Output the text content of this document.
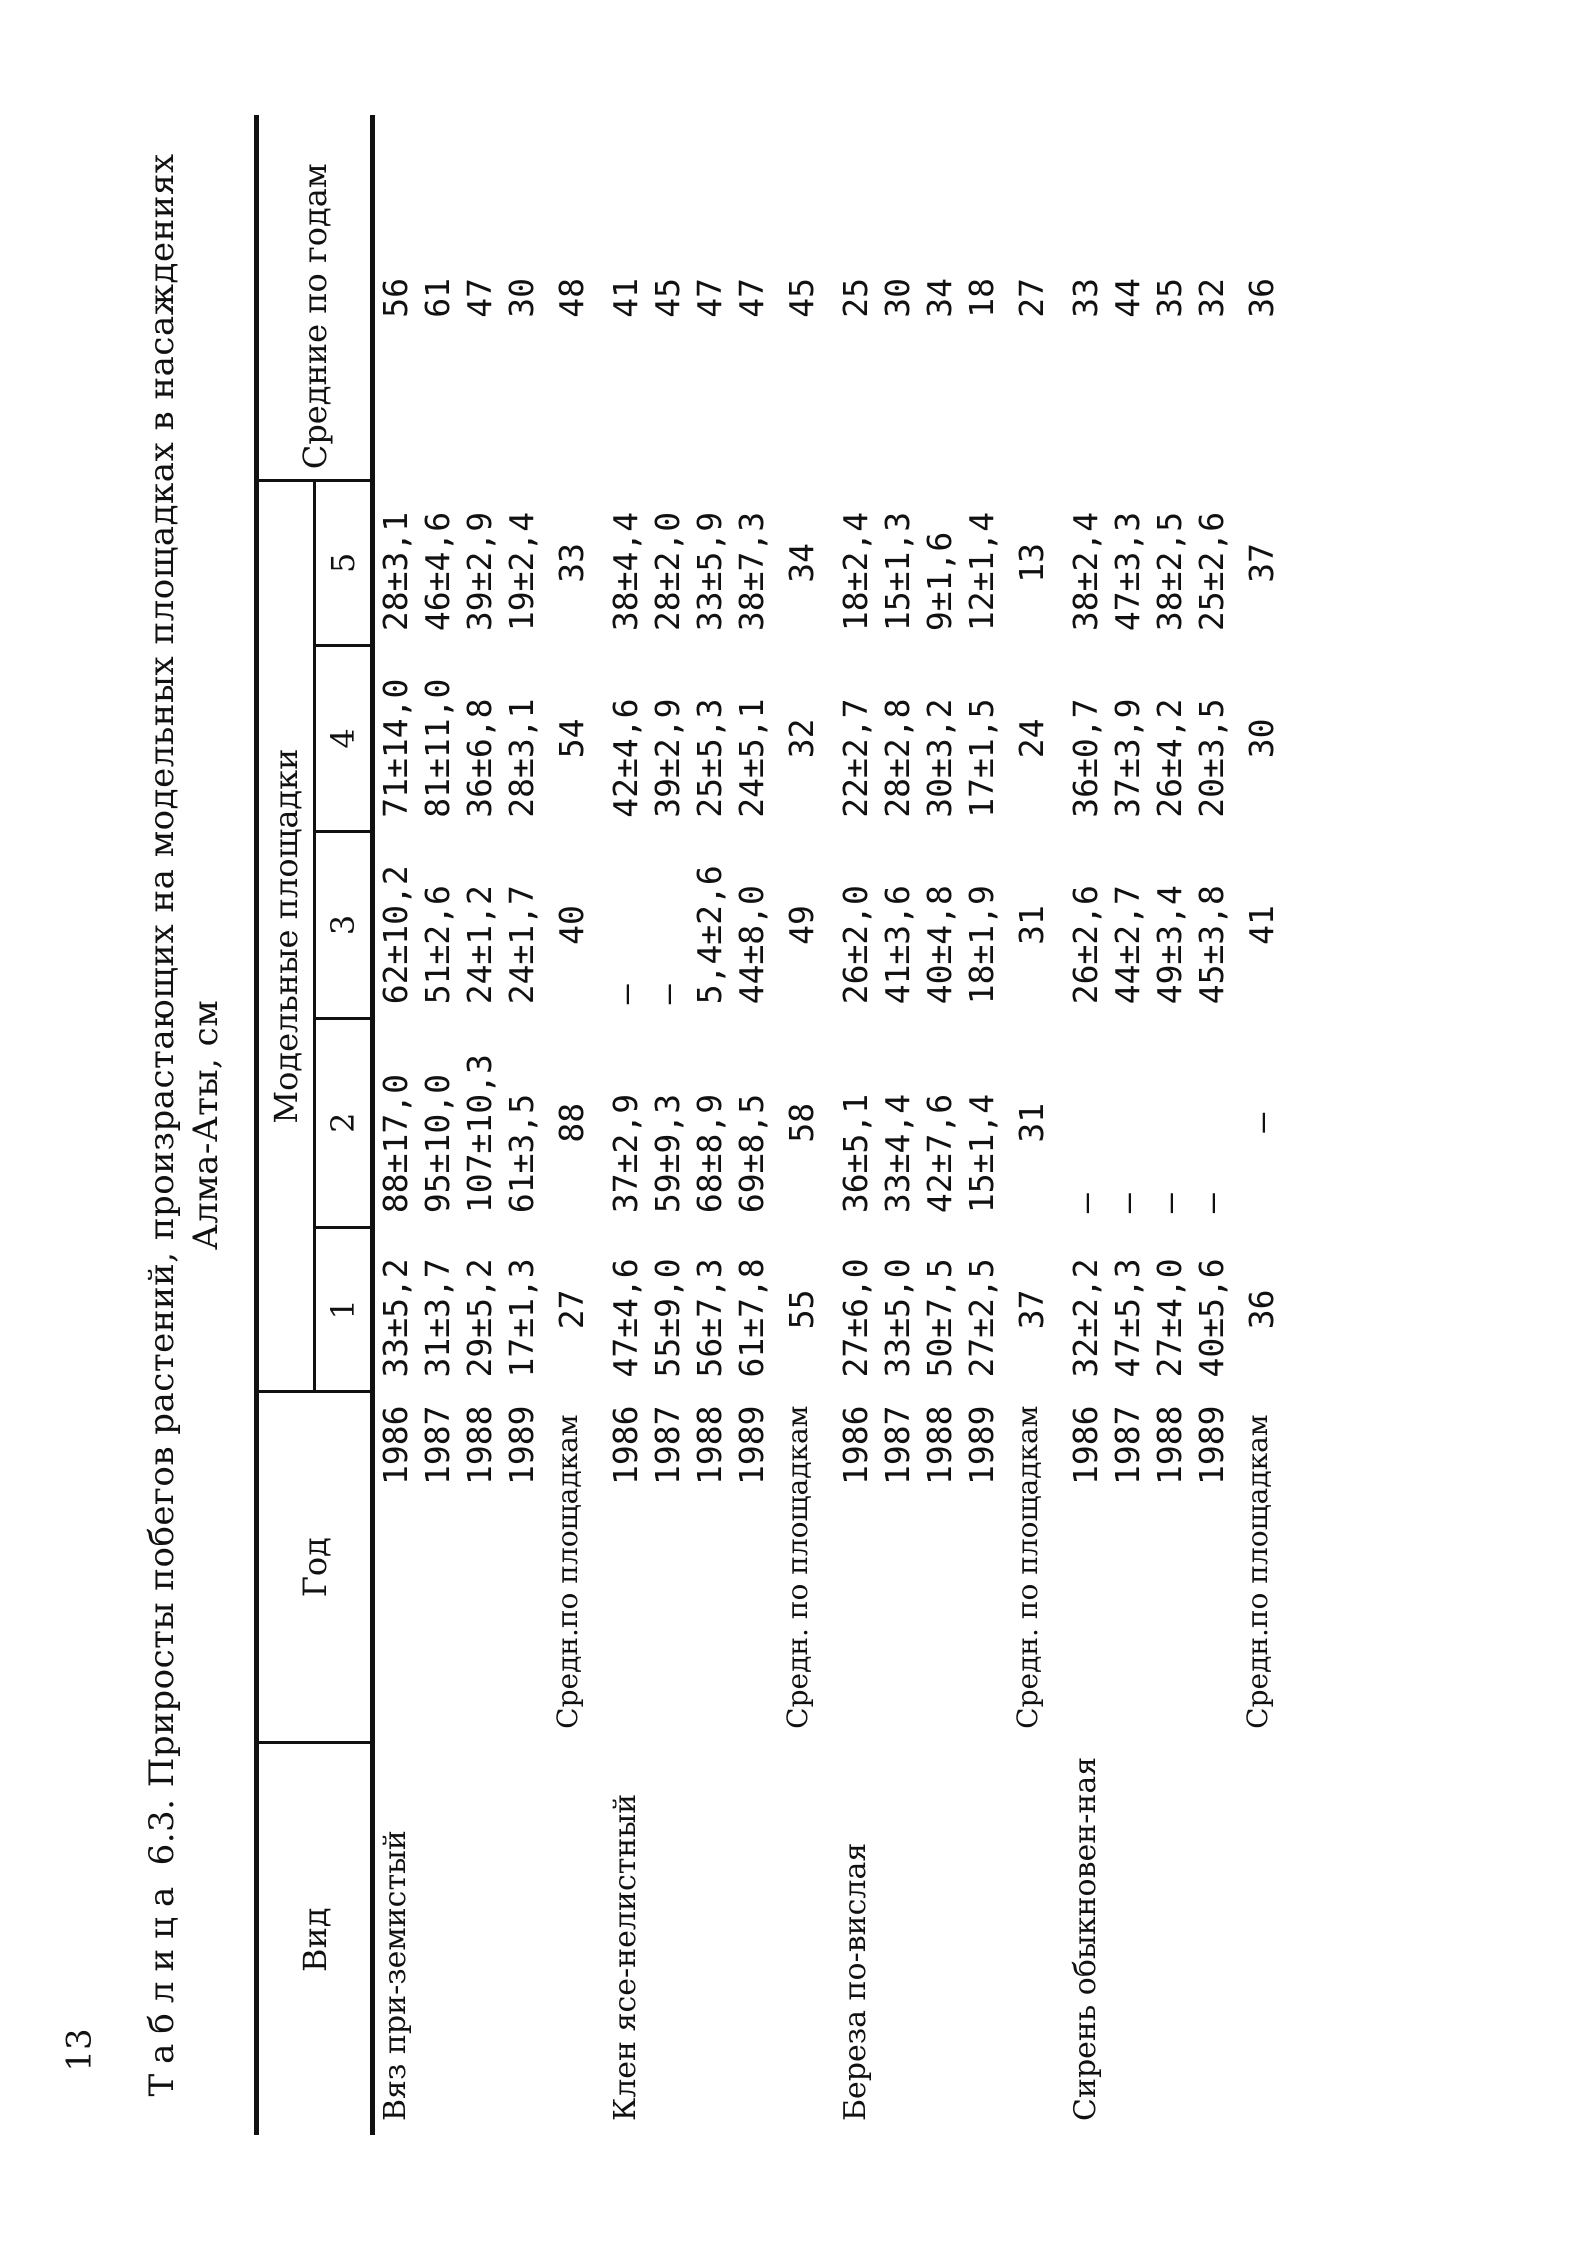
13 Таблица 6.3. Приросты побегов растений, произрастающих на модельных площадках в насаждениях Алма-Аты, см
Вид	Год	Модельные площадки					Средние по годам
		1	2	3	4	5	
Вяз при-земистый	1986	33±5,2	88±17,0	62±10,2	71±14,0	28±3,1	56
	1987	31±3,7	95±10,0	51±2,6	81±11,0	46±4,6	61
	1988	29±5,2	107±10,3	24±1,2	36±6,8	39±2,9	47
	1989	17±1,3	61±3,5	24±1,7	28±3,1	19±2,4	30
	Средн.по площадкам	27	88	40	54	33	48
Клен ясе-нелистный	1986	47±4,6	37±2,9	–	42±4,6	38±4,4	41
	1987	55±9,0	59±9,3	–	39±2,9	28±2,0	45
	1988	56±7,3	68±8,9	5,4±2,6	25±5,3	33±5,9	47
	1989	61±7,8	69±8,5	44±8,0	24±5,1	38±7,3	47
	Средн. по площадкам	55	58	49	32	34	45
Береза по-вислая	1986	27±6,0	36±5,1	26±2,0	22±2,7	18±2,4	25
	1987	33±5,0	33±4,4	41±3,6	28±2,8	15±1,3	30
	1988	50±7,5	42±7,6	40±4,8	30±3,2	9±1,6	34
	1989	27±2,5	15±1,4	18±1,9	17±1,5	12±1,4	18
	Средн. по площадкам	37	31	31	24	13	27
Сирень обыкновен-ная	1986	32±2,2	–	26±2,6	36±0,7	38±2,4	33
	1987	47±5,3	–	44±2,7	37±3,9	47±3,3	44
	1988	27±4,0	–	49±3,4	26±4,2	38±2,5	35
	1989	40±5,6	–	45±3,8	20±3,5	25±2,6	32
	Средн.по площадкам	36	–	41	30	37	36
